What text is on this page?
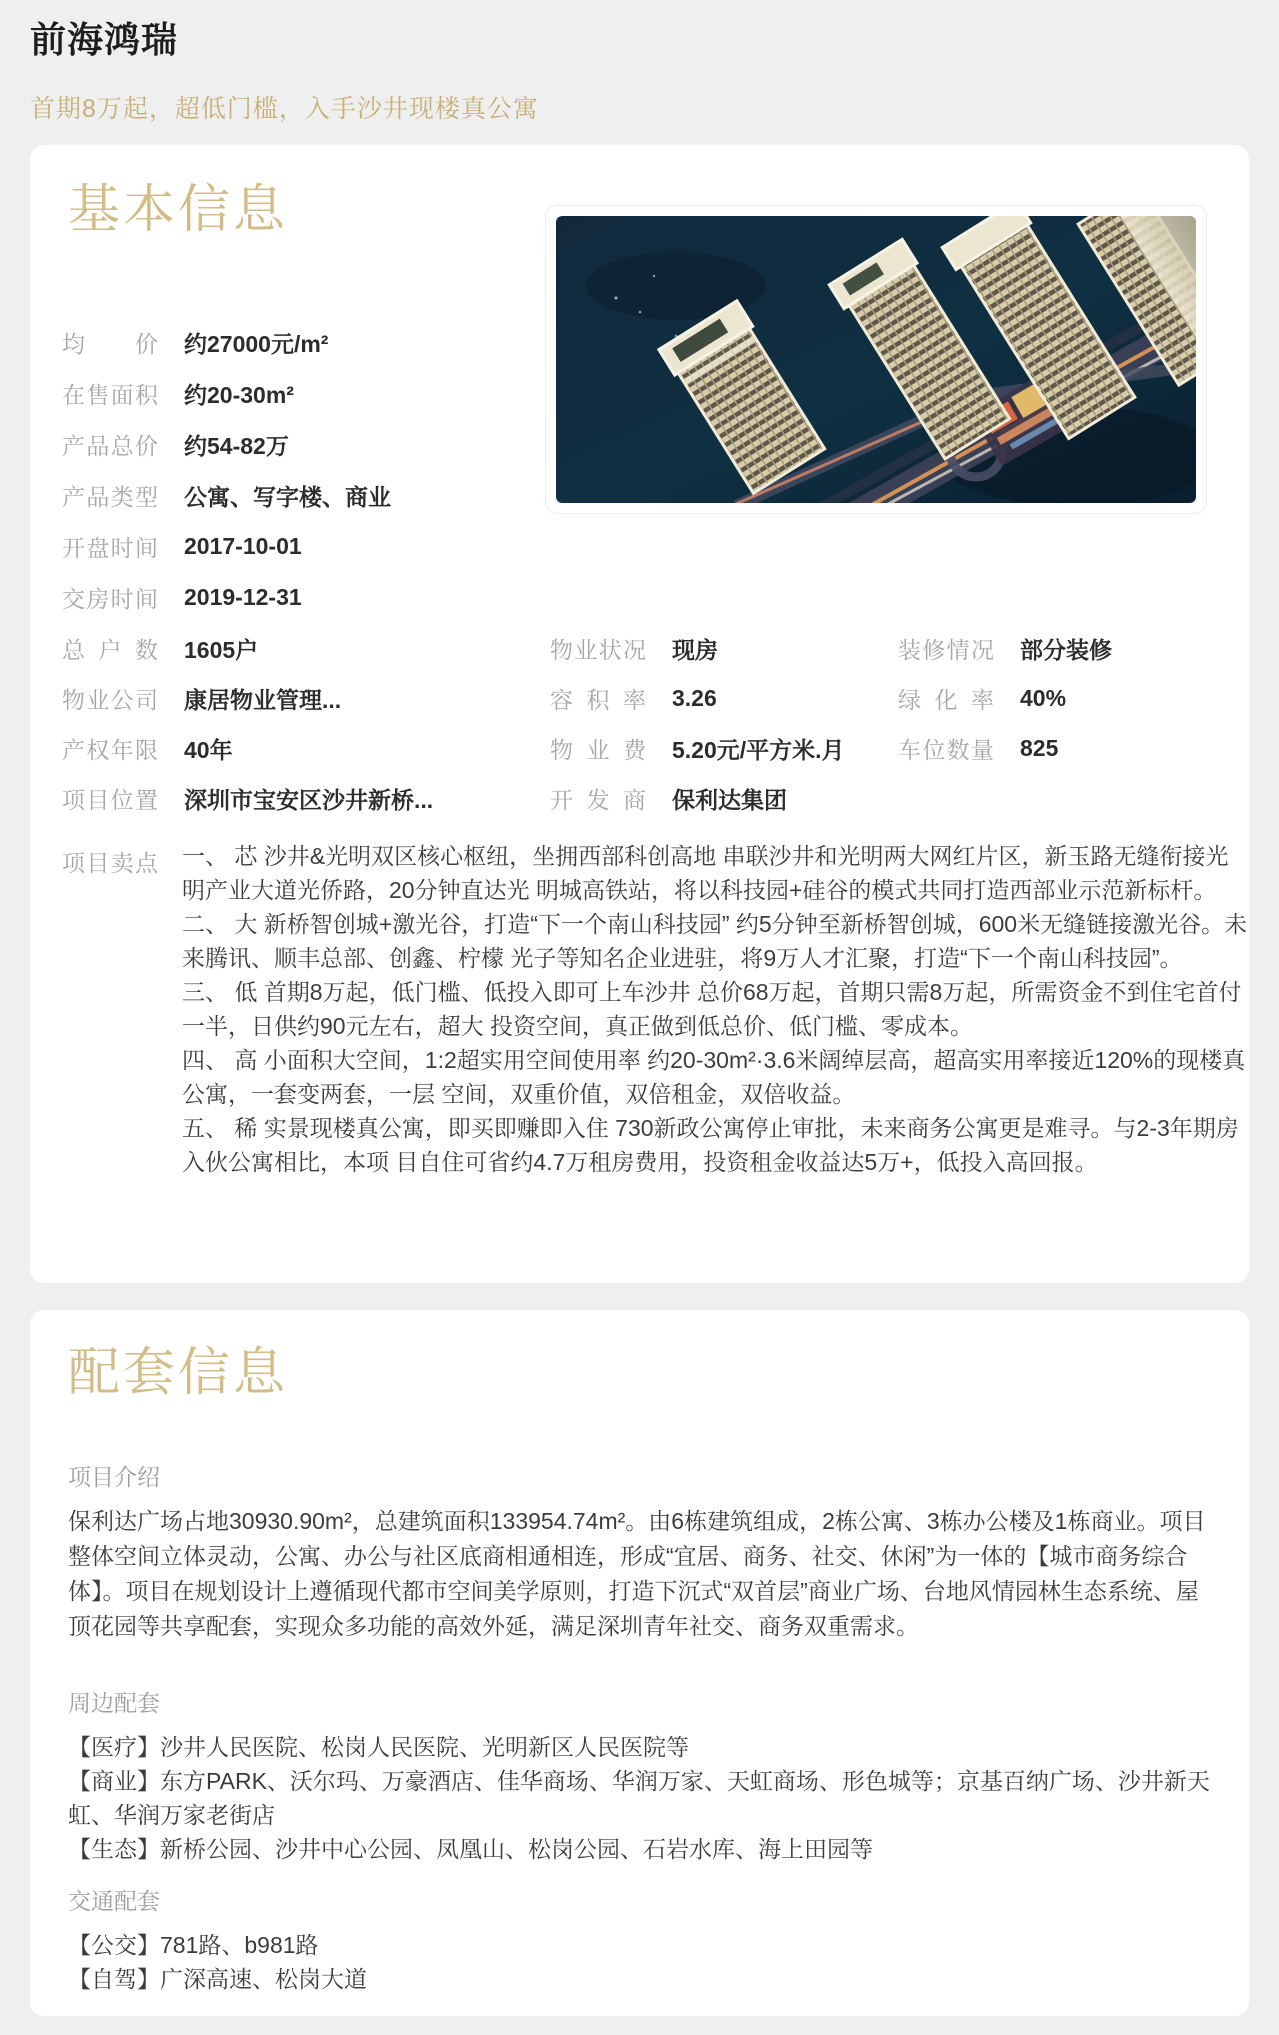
前海鸿瑞

首期8万起，超低门槛，入手沙井现楼真公寓

基本信息
均价 约27000元/m²
在售面积 约20-30m²
产品总价 约54-82万
产品类型 公寓、写字楼、商业
开盘时间 2017-10-01
交房时间 2019-12-31
总户数 1605户	物业状况 现房	装修情况 部分装修
物业公司 康居物业管理...	容积率 3.26	绿化率 40%
产权年限 40年	物业费 5.20元/平方米.月 车位数量 825
项目位置 深圳市宝安区沙井新桥...	开发商 保利达集团
项目卖点 一、 芯 沙井&光明双区核心枢纽，坐拥西部科创高地 串联沙井和光明两大网红片区，新玉路无缝衔接光明产业大道光侨路，20分钟直达光 明城高铁站，将以科技园+硅谷的模式共同打造西部业示范新标杆。

二、 大 新桥智创城+激光谷，打造“下一个南山科技园” 约5分钟至新桥智创城，600米无缝链接激光谷。未来腾讯、顺丰总部、创鑫、柠檬 光子等知名企业进驻，将9万人才汇聚，打造“下一个南山科技园”。

三、 低 首期8万起，低门槛、低投入即可上车沙井 总价68万起，首期只需8万起，所需资金不到住宅首付一半，日供约90元左右，超大 投资空间，真正做到低总价、低门槛、零成本。

四、 高 小面积大空间，1:2超实用空间使用率 约20-30m²·3.6米阔绰层高，超高实用率接近120%的现楼真公寓，一套变两套，一层 空间，双重价值，双倍租金，双倍收益。

五、 稀 实景现楼真公寓，即买即赚即入住 730新政公寓停止审批，未来商务公寓更是难寻。与2-3年期房入伙公寓相比，本项 目自住可省约4.7万租房费用，投资租金收益达5万+，低投入高回报。

配套信息
项目介绍

保利达广场占地30930.90m²，总建筑面积133954.74m²。由6栋建筑组成，2栋公寓、3栋办公楼及1栋商业。项目整体空间立体灵动，公寓、办公与社区底商相通相连，形成“宜居、商务、社交、休闲”为一体的【城市商务综合体】。项目在规划设计上遵循现代都市空间美学原则，打造下沉式“双首层”商业广场、台地风情园林生态系统、屋顶花园等共享配套，实现众多功能的高效外延，满足深圳青年社交、商务双重需求。

周边配套

【医疗】沙井人民医院、松岗人民医院、光明新区人民医院等

【商业】东方PARK、沃尔玛、万豪酒店、佳华商场、华润万家、天虹商场、形色城等；京基百纳广场、沙井新天虹、华润万家老街店

【生态】新桥公园、沙井中心公园、凤凰山、松岗公园、石岩水库、海上田园等

交通配套

【公交】781路、b981路

【自驾】广深高速、松岗大道
